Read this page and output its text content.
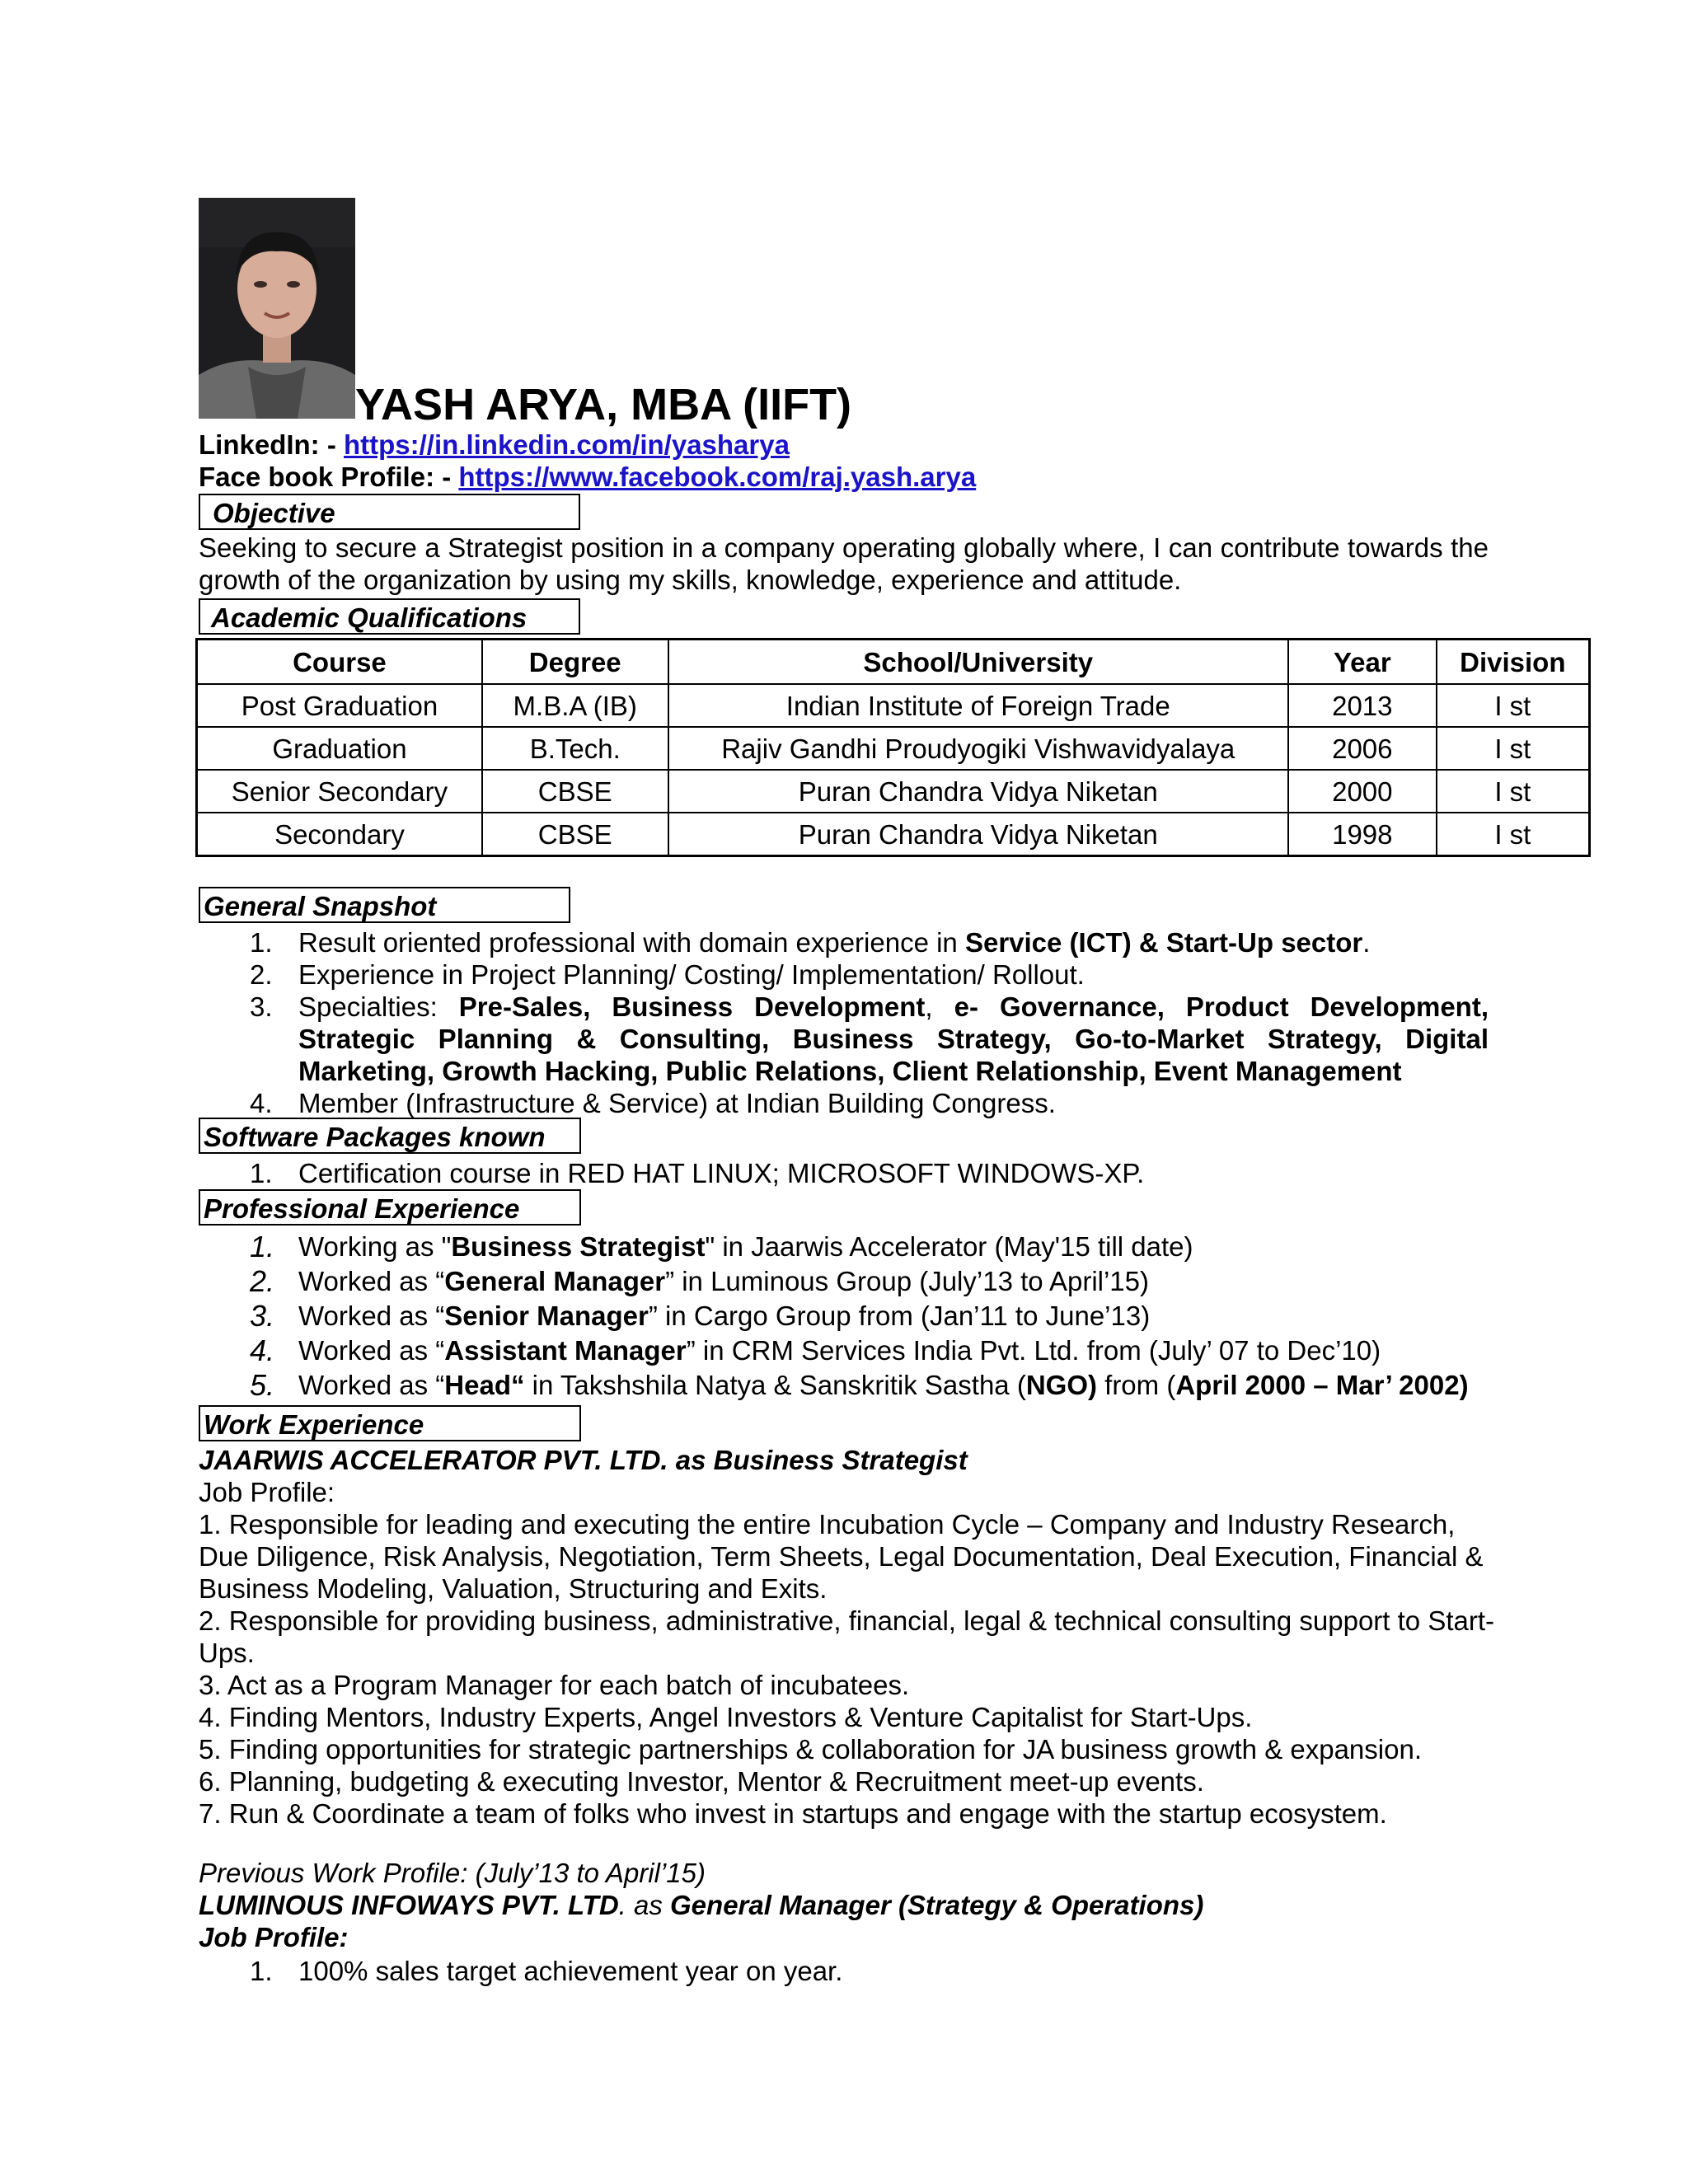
YASH ARYA, MBA (IIFT)
LinkedIn: - https://in.linkedin.com/in/yasharya
Face book Profile: - https://www.facebook.com/raj.yash.arya
Objective
Seeking to secure a Strategist position in a company operating globally where, I can contribute towards the growth of the organization by using my skills, knowledge, experience and attitude.
Academic Qualifications
Course	Degree	School/University	Year	Division
Post Graduation	M.B.A (IB)	Indian Institute of Foreign Trade	2013	I st
Graduation	B.Tech.	Rajiv Gandhi Proudyogiki Vishwavidyalaya	2006	I st
Senior Secondary	CBSE	Puran Chandra Vidya Niketan	2000	I st
Secondary	CBSE	Puran Chandra Vidya Niketan	1998	I st
General Snapshot
1. Result oriented professional with domain experience in Service (ICT) & Start-Up sector.
2. Experience in Project Planning/ Costing/ Implementation/ Rollout.
3. Specialties: Pre-Sales, Business Development, e- Governance, Product Development, Strategic Planning & Consulting, Business Strategy, Go-to-Market Strategy, Digital Marketing, Growth Hacking, Public Relations, Client Relationship, Event Management
4. Member (Infrastructure & Service) at Indian Building Congress.
Software Packages known
1. Certification course in RED HAT LINUX; MICROSOFT WINDOWS-XP.
Professional Experience
1. Working as "Business Strategist" in Jaarwis Accelerator (May'15 till date)
2. Worked as “General Manager” in Luminous Group (July’13 to April’15)
3. Worked as “Senior Manager” in Cargo Group from (Jan’11 to June’13)
4. Worked as “Assistant Manager” in CRM Services India Pvt. Ltd. from (July’ 07 to Dec’10)
5. Worked as “Head“ in Takshshila Natya & Sanskritik Sastha (NGO) from (April 2000 – Mar’ 2002)
Work Experience
JAARWIS ACCELERATOR PVT. LTD. as Business Strategist
Job Profile:
1. Responsible for leading and executing the entire Incubation Cycle – Company and Industry Research, Due Diligence, Risk Analysis, Negotiation, Term Sheets, Legal Documentation, Deal Execution, Financial & Business Modeling, Valuation, Structuring and Exits.
2. Responsible for providing business, administrative, financial, legal & technical consulting support to Start-Ups.
3. Act as a Program Manager for each batch of incubatees.
4. Finding Mentors, Industry Experts, Angel Investors & Venture Capitalist for Start-Ups.
5. Finding opportunities for strategic partnerships & collaboration for JA business growth & expansion.
6. Planning, budgeting & executing Investor, Mentor & Recruitment meet-up events.
7. Run & Coordinate a team of folks who invest in startups and engage with the startup ecosystem.
Previous Work Profile: (July’13 to April’15)
LUMINOUS INFOWAYS PVT. LTD. as General Manager (Strategy & Operations)
Job Profile:
1. 100% sales target achievement year on year.
